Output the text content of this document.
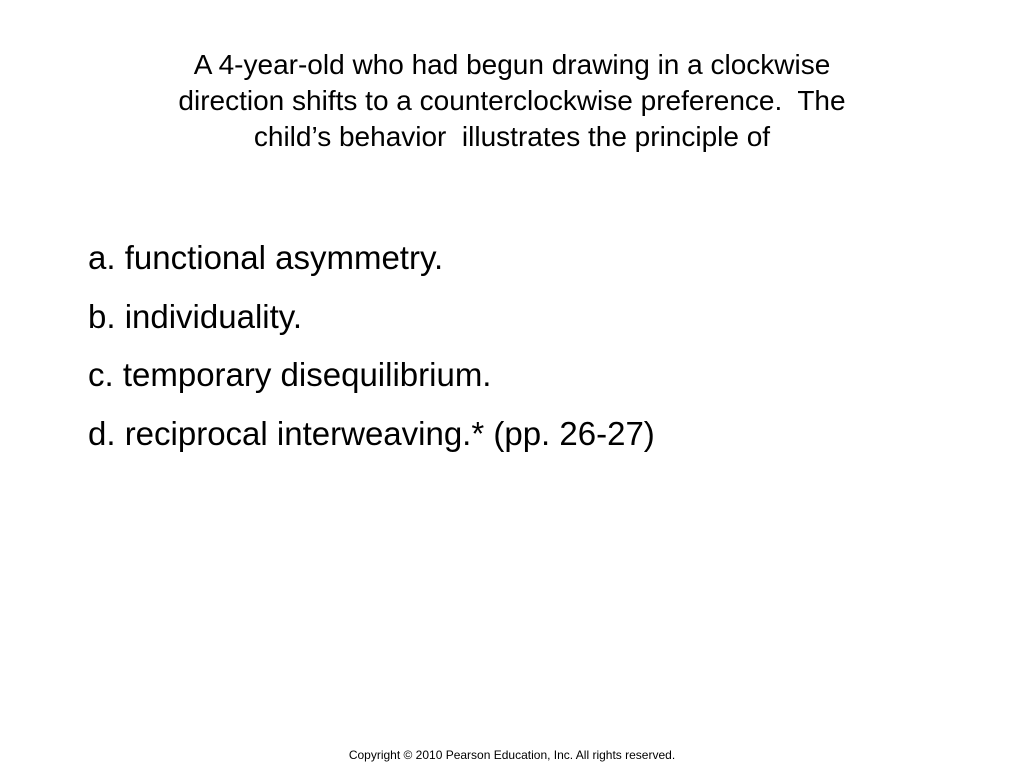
A 4-year-old who had begun drawing in a clockwise
direction shifts to a counterclockwise preference.  The
child’s behavior  illustrates the principle of
a. functional asymmetry.
b. individuality.
c. temporary disequilibrium.
d. reciprocal interweaving.* (pp. 26-27)
Copyright © 2010 Pearson Education, Inc. All rights reserved.
